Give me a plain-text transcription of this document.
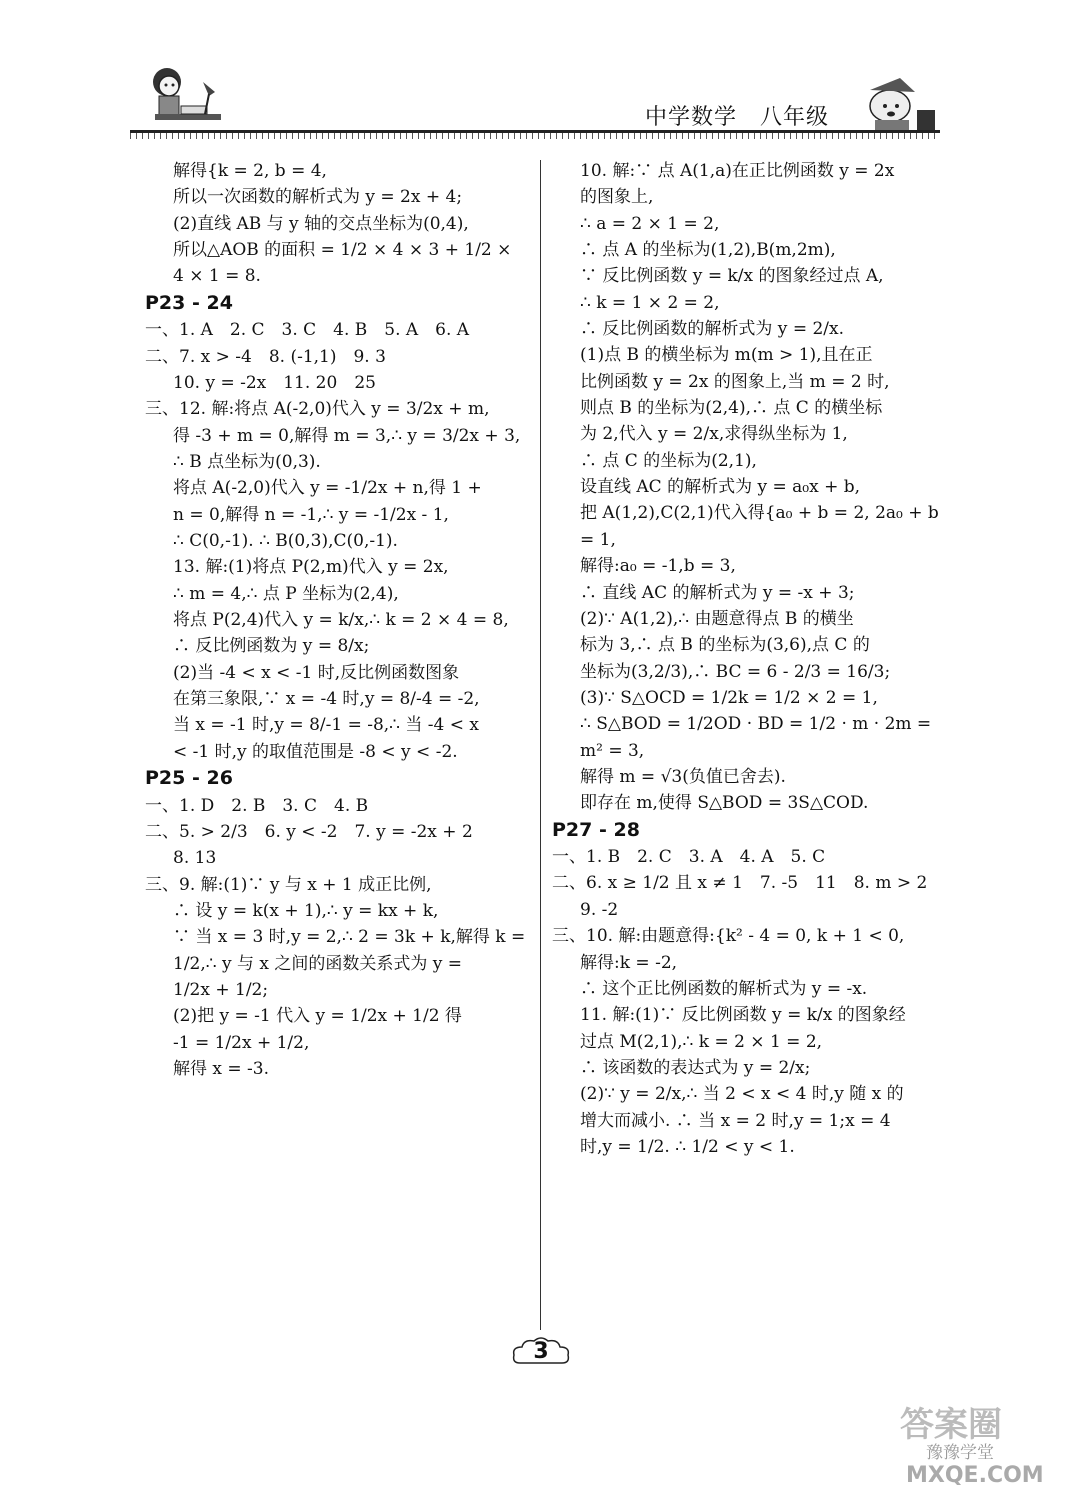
中学数学　八年级

解得{k = 2, b = 4,

所以一次函数的解析式为 y = 2x + 4;

(2)直线 AB 与 y 轴的交点坐标为(0,4),

所以△AOB 的面积 = 1/2 × 4 × 3 + 1/2 ×

4 × 1 = 8.

P23 - 24

一、1. A　2. C　3. C　4. B　5. A　6. A

二、7. x > -4　8. (-1,1)　9. 3

10. y = -2x　11. 20　25

三、12. 解:将点 A(-2,0)代入 y = 3/2x + m,

得 -3 + m = 0,解得 m = 3,∴ y = 3/2x + 3,

∴ B 点坐标为(0,3).

将点 A(-2,0)代入 y = -1/2x + n,得 1 +

n = 0,解得 n = -1,∴ y = -1/2x - 1,

∴ C(0,-1). ∴ B(0,3),C(0,-1).

13. 解:(1)将点 P(2,m)代入 y = 2x,

∴ m = 4,∴ 点 P 坐标为(2,4),

将点 P(2,4)代入 y = k/x,∴ k = 2 × 4 = 8,

∴ 反比例函数为 y = 8/x;

(2)当 -4 < x < -1 时,反比例函数图象

在第三象限,∵ x = -4 时,y = 8/-4 = -2,

当 x = -1 时,y = 8/-1 = -8,∴ 当 -4 < x

< -1 时,y 的取值范围是 -8 < y < -2.

P25 - 26

一、1. D　2. B　3. C　4. B

二、5. > 2/3　6. y < -2　7. y = -2x + 2

8. 13

三、9. 解:(1)∵ y 与 x + 1 成正比例,

∴ 设 y = k(x + 1),∴ y = kx + k,

∵ 当 x = 3 时,y = 2,∴ 2 = 3k + k,解得 k =

1/2,∴ y 与 x 之间的函数关系式为 y =

1/2x + 1/2;

(2)把 y = -1 代入 y = 1/2x + 1/2 得

-1 = 1/2x + 1/2,

解得 x = -3.

10. 解:∵ 点 A(1,a)在正比例函数 y = 2x

的图象上,

∴ a = 2 × 1 = 2,

∴ 点 A 的坐标为(1,2),B(m,2m),

∵ 反比例函数 y = k/x 的图象经过点 A,

∴ k = 1 × 2 = 2,

∴ 反比例函数的解析式为 y = 2/x.

(1)点 B 的横坐标为 m(m > 1),且在正

比例函数 y = 2x 的图象上,当 m = 2 时,

则点 B 的坐标为(2,4),∴ 点 C 的横坐标

为 2,代入 y = 2/x,求得纵坐标为 1,

∴ 点 C 的坐标为(2,1),

设直线 AC 的解析式为 y = a₀x + b,

把 A(1,2),C(2,1)代入得{a₀ + b = 2, 2a₀ + b = 1,

解得:a₀ = -1,b = 3,

∴ 直线 AC 的解析式为 y = -x + 3;

(2)∵ A(1,2),∴ 由题意得点 B 的横坐

标为 3,∴ 点 B 的坐标为(3,6),点 C 的

坐标为(3,2/3),∴ BC = 6 - 2/3 = 16/3;

(3)∵ S△OCD = 1/2k = 1/2 × 2 = 1,

∴ S△BOD = 1/2OD · BD = 1/2 · m · 2m =

m² = 3,

解得 m = √3(负值已舍去).

即存在 m,使得 S△BOD = 3S△COD.

P27 - 28

一、1. B　2. C　3. A　4. A　5. C

二、6. x ≥ 1/2 且 x ≠ 1　7. -5　11　8. m > 2

9. -2

三、10. 解:由题意得:{k² - 4 = 0, k + 1 < 0,

解得:k = -2,

∴ 这个正比例函数的解析式为 y = -x.

11. 解:(1)∵ 反比例函数 y = k/x 的图象经

过点 M(2,1),∴ k = 2 × 1 = 2,

∴ 该函数的表达式为 y = 2/x;

(2)∵ y = 2/x,∴ 当 2 < x < 4 时,y 随 x 的

增大而减小. ∴ 当 x = 2 时,y = 1;x = 4

时,y = 1/2. ∴ 1/2 < y < 1.

3
答案圈
豫豫学堂
MXQE.COM
